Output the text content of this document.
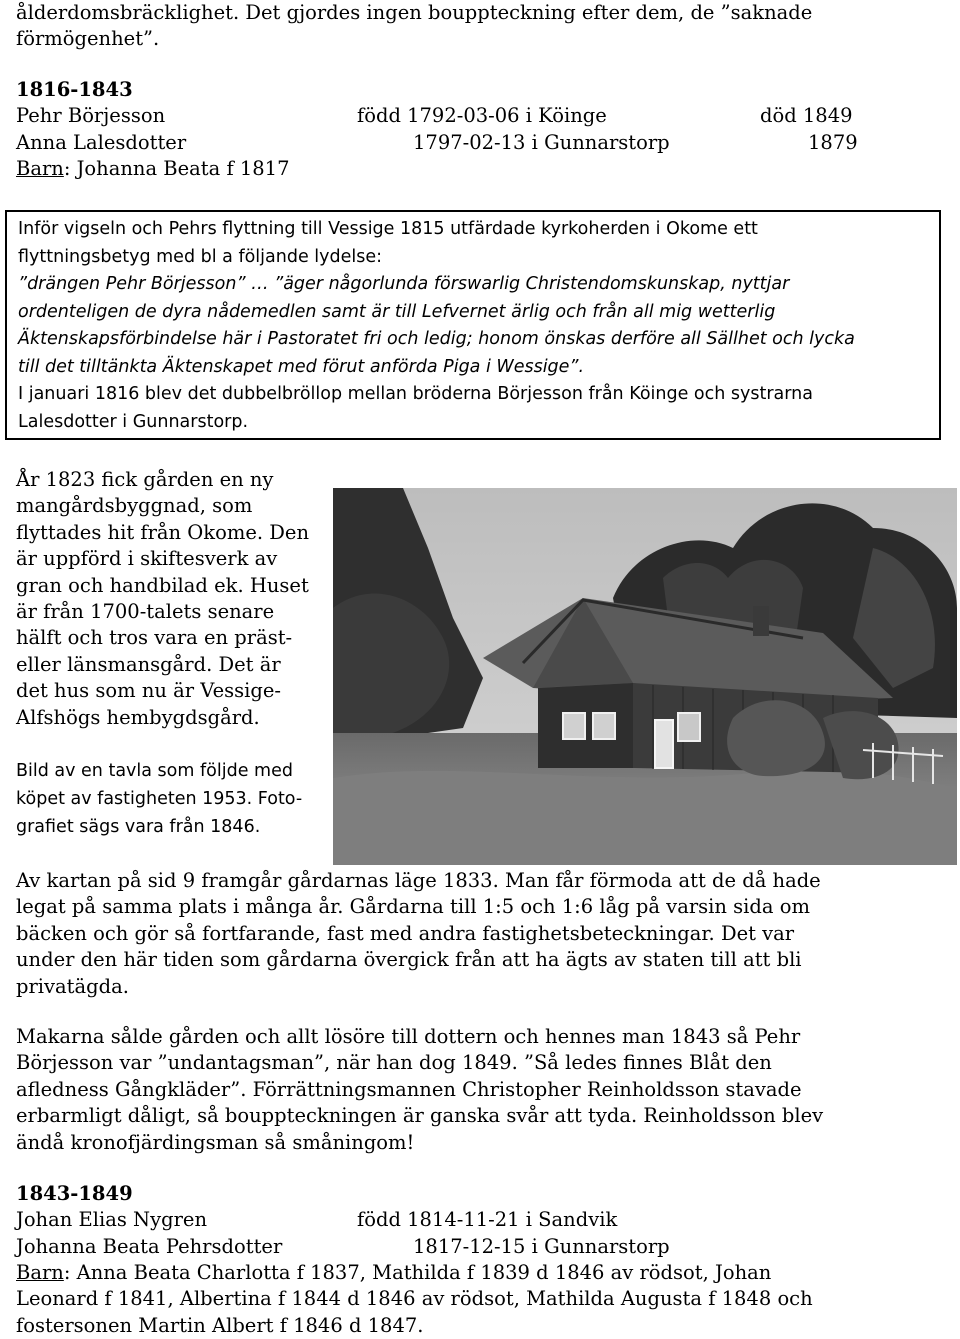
ålderdomsbräcklighet. Det gjordes ingen bouppteckning efter dem, de ”saknade
förmögenhet”.
1816-1843
Pehr Börjesson	född 1792-03-06 i Köinge	död 1849
Anna Lalesdotter	1797-02-13 i Gunnarstorp	1879
Barn: Johanna Beata f 1817
Inför vigseln och Pehrs flyttning till Vessige 1815 utfärdade kyrkoherden i Okome ett
flyttningsbetyg med bl a följande lydelse:
”drängen Pehr Börjesson” … ”äger någorlunda förswarlig Christendomskunskap, nyttjar
ordenteligen de dyra nådemedlen samt är till Lefvernet ärlig och från all mig wetterlig
Äktenskapsförbindelse här i Pastoratet fri och ledig; honom önskas derföre all Sällhet och lycka
till det tilltänkta Äktenskapet med förut anförda Piga i Wessige”.
I januari 1816 blev det dubbelbröllop mellan bröderna Börjesson från Köinge och systrarna
Lalesdotter i Gunnarstorp.
År 1823 fick gården en ny
mangårdsbyggnad, som
flyttades hit från Okome. Den
är uppförd i skiftesverk av
gran och handbilad ek. Huset
är från 1700-talets senare
hälft och tros vara en präst-
eller länsmansgård. Det är
det hus som nu är Vessige-
Alfshögs hembygdsgård.
Bild av en tavla som följde med
köpet av fastigheten 1953. Foto-
grafiet sägs vara från 1846.
Av kartan på sid 9 framgår gårdarnas läge 1833. Man får förmoda att de då hade
legat på samma plats i många år. Gårdarna till 1:5 och 1:6 låg på varsin sida om
bäcken och gör så fortfarande, fast med andra fastighetsbeteckningar. Det var
under den här tiden som gårdarna övergick från att ha ägts av staten till att bli
privatägda.
Makarna sålde gården och allt lösöre till dottern och hennes man 1843 så Pehr
Börjesson var ”undantagsman”, när han dog 1849. ”Så ledes finnes Blåt den
afledness Gångkläder”. Förrättningsmannen Christopher Reinholdsson stavade
erbarmligt dåligt, så bouppteckningen är ganska svår att tyda. Reinholdsson blev
ändå kronofjärdingsman så småningom!
1843-1849
Johan Elias Nygren	född 1814-11-21 i Sandvik
Johanna Beata Pehrsdotter	1817-12-15 i Gunnarstorp
Barn: Anna Beata Charlotta f 1837, Mathilda f 1839 d 1846 av rödsot, Johan
Leonard f 1841, Albertina f 1844 d 1846 av rödsot, Mathilda Augusta f 1848 och
fostersonen Martin Albert f 1846 d 1847.
